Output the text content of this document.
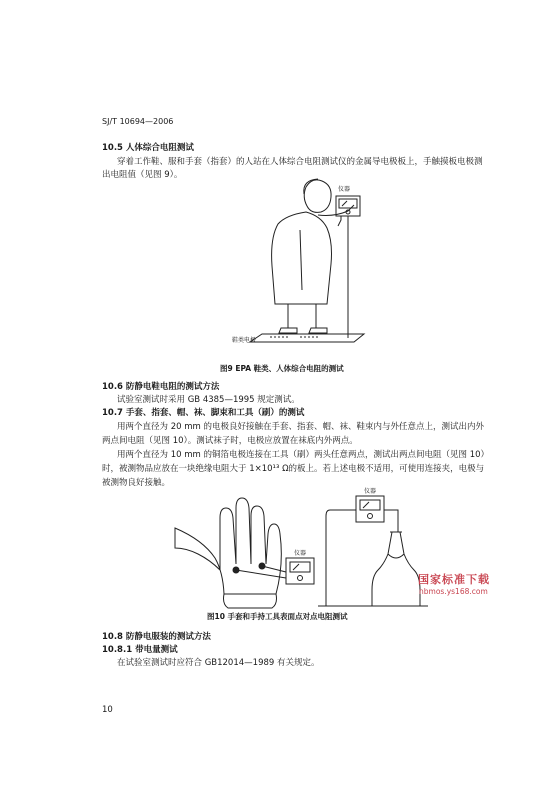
SJ/T 10694—2006
10.5 人体综合电阻测试
穿着工作鞋、服和手套（指套）的人站在人体综合电阻测试仪的金属导电极板上，手触摸板电极测
出电阻值（见图 9）。
仪器
鞋类电极
图9 EPA 鞋类、人体综合电阻的测试
10.6 防静电鞋电阻的测试方法
试验室测试时采用 GB 4385—1995 规定测试。
10.7 手套、指套、帽、袜、脚束和工具（刷）的测试
用两个直径为 20 mm 的电极良好接触在手套、指套、帽、袜、鞋束内与外任意点上，测试出内外
两点间电阻（见图 10）。测试袜子时，电极应放置在袜底内外两点。
用两个直径为 10 mm 的铜箔电极连接在工具（刷）两头任意两点，测试出两点间电阻（见图 10）
时，被测物品应放在一块绝缘电阻大于 1×10¹³ Ω的板上。若上述电极不适用，可使用连接夹，电极与
被测物良好接触。
仪器
仪器
图10 手套和手持工具表面点对点电阻测试
国家标准下载
nbmos.ys168.com
10.8 防静电服装的测试方法
10.8.1 带电量测试
在试验室测试时应符合 GB12014—1989 有关规定。
10
